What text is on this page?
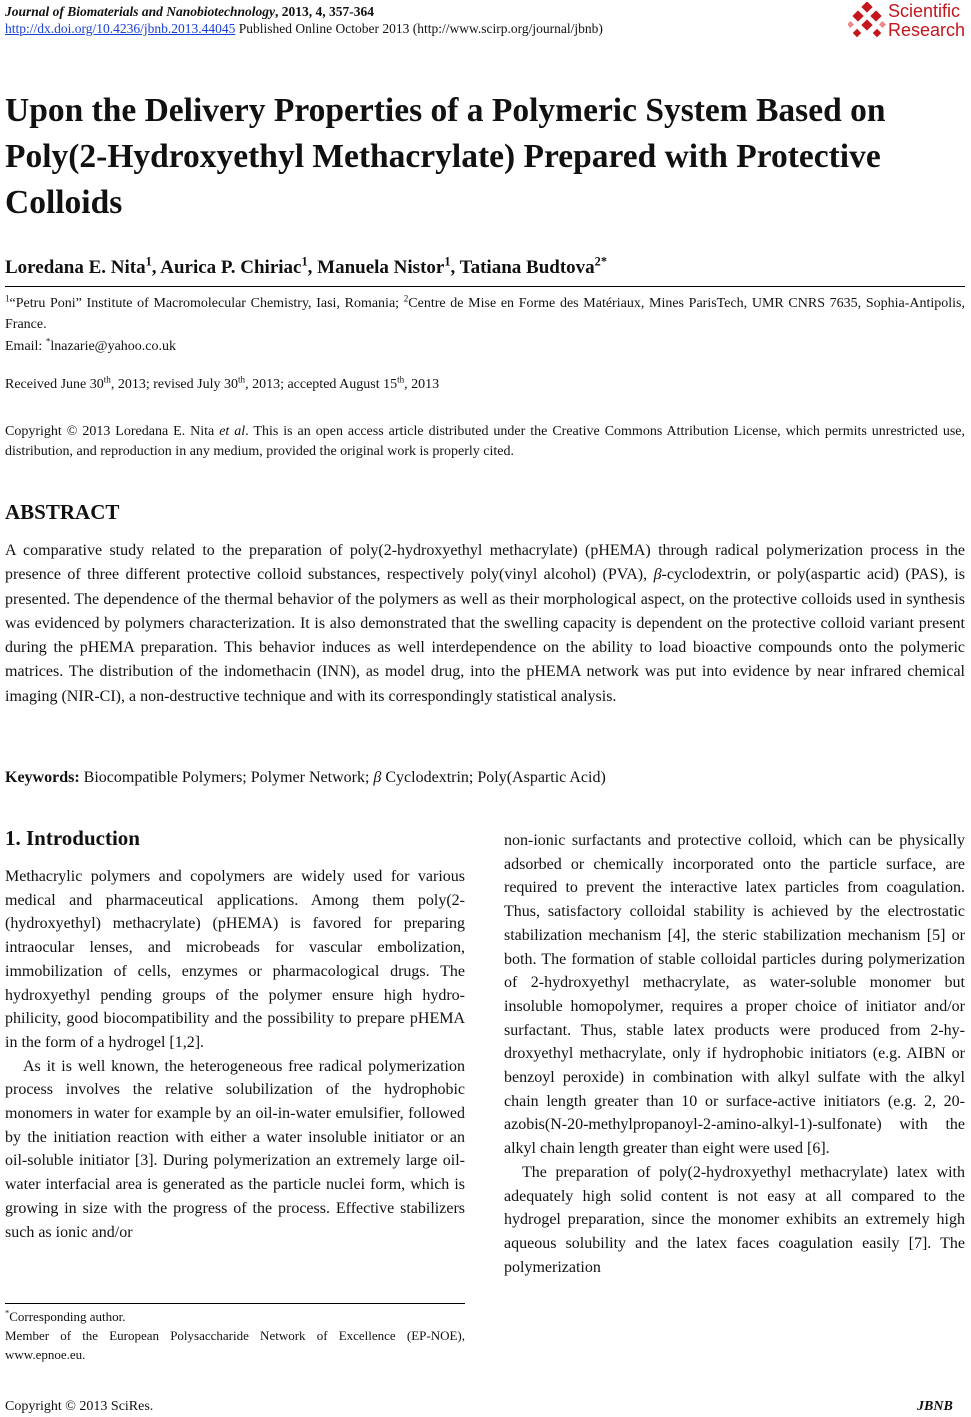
Journal of Biomaterials and Nanobiotechnology, 2013, 4, 357-364
http://dx.doi.org/10.4236/jbnb.2013.44045 Published Online October 2013 (http://www.scirp.org/journal/jbnb)
Scientific
Research
Upon the Delivery Properties of a Polymeric System Based on Poly(2-Hydroxyethyl Methacrylate) Prepared with Protective Colloids
Loredana E. Nita$^1$, Aurica P. Chiriac$^1$, Manuela Nistor$^1$, Tatiana Budtova$^{2*}$
$^1$“Petru Poni” Institute of Macromolecular Chemistry, Iasi, Romania; $^2$Centre de Mise en Forme des Matériaux, Mines ParisTech, UMR CNRS 7635, Sophia-Antipolis, France.
Email: *lnazarie@yahoo.co.uk
Received June 30th, 2013; revised July 30th, 2013; accepted August 15th, 2013
Copyright © 2013 Loredana E. Nita et al. This is an open access article distributed under the Creative Commons Attribution License, which permits unrestricted use, distribution, and reproduction in any medium, provided the original work is properly cited.
ABSTRACT

A comparative study related to the preparation of poly(2-hydroxyethyl methacrylate) (pHEMA) through radical polymerization process in the presence of three different protective colloid substances, respectively poly(vinyl alcohol) (PVA), β-cyclodextrin, or poly(aspartic acid) (PAS), is presented. The dependence of the thermal behavior of the polymers as well as their morphological aspect, on the protective colloids used in synthesis was evidenced by polymers characterization. It is also demonstrated that the swelling capacity is dependent on the protective colloid variant present during the pHEMA preparation. This behavior induces as well interdependence on the ability to load bioactive compounds onto the polymeric matrices. The distribution of the indomethacin (INN), as model drug, into the pHEMA network was put into evidence by near infrared chemical imaging (NIR-CI), a non-destructive technique and with its correspondingly statistical analysis.

Keywords: Biocompatible Polymers; Polymer Network; β Cyclodextrin; Poly(Aspartic Acid)
1. Introduction

Methacrylic polymers and copolymers are widely used for various medical and pharmaceutical applications. Among them poly(2-(hydroxyethyl) methacrylate) (pHEMA) is favored for preparing intraocular lenses, and microbeads for vascular embolization, immobilization of cells, enzymes or pharmacological drugs. The hydroxyethyl pending groups of the polymer ensure high hydrophilicity, good biocompatibility and the possibility to prepare pHEMA in the form of a hydrogel [1,2].

As it is well known, the heterogeneous free radical polymerization process involves the relative solubilization of the hydrophobic monomers in water for example by an oil-in-water emulsifier, followed by the initiation reaction with either a water insoluble initiator or an oil-soluble initiator [3]. During polymerization an extremely large oil-water interfacial area is generated as the particle nuclei form, which is growing in size with the progress of the process. Effective stabilizers such as ionic and/or

*Corresponding author.
Member of the European Polysaccharide Network of Excellence (EP-NOE), www.epnoe.eu.

non-ionic surfactants and protective colloid, which can be physically adsorbed or chemically incorporated onto the particle surface, are required to prevent the interactive latex particles from coagulation. Thus, satisfactory colloidal stability is achieved by the electrostatic stabilization mechanism [4], the steric stabilization mechanism [5] or both. The formation of stable colloidal particles during polymerization of 2-hydroxyethyl methacrylate, as water-soluble monomer but insoluble homopolymer, requires a proper choice of initiator and/or surfactant. Thus, stable latex products were produced from 2-hydroxyethyl methacrylate, only if hydrophobic initiators (e.g. AIBN or benzoyl peroxide) in combination with alkyl sulfate with the alkyl chain length greater than 10 or surface-active initiators (e.g. 2, 20-azobis(N-20-methylpropanoyl-2-amino-alkyl-1)-sulfonate) with the alkyl chain length greater than eight were used [6].

The preparation of poly(2-hydroxyethyl methacrylate) latex with adequately high solid content is not easy at all compared to the hydrogel preparation, since the monomer exhibits an extremely high aqueous solubility and the latex faces coagulation easily [7]. The polymerization

Copyright © 2013 SciRes.	JBNB
